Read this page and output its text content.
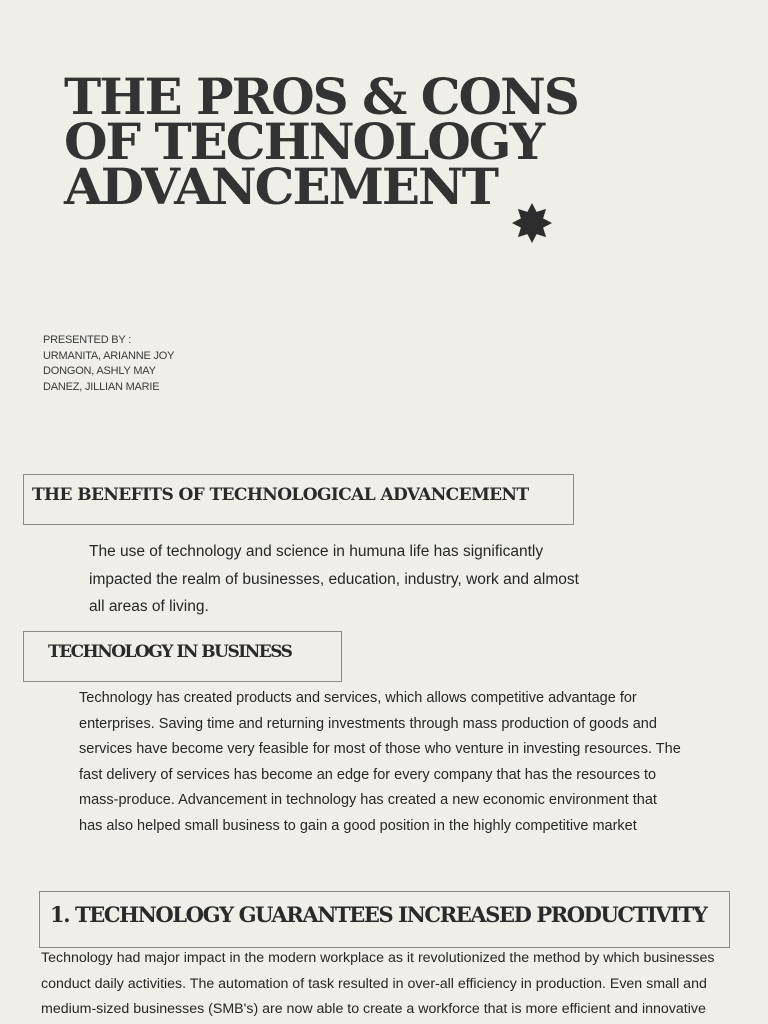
THE PROS & CONS
OF TECHNOLOGY
ADVANCEMENT
PRESENTED BY :
URMANITA, ARIANNE JOY
DONGON, ASHLY MAY
DANEZ, JILLIAN MARIE
THE BENEFITS OF TECHNOLOGICAL ADVANCEMENT

The use of technology and science in humuna life has significantly
impacted the realm of businesses, education, industry, work and almost
all areas of living.

TECHNOLOGY IN BUSINESS

Technology has created products and services, which allows competitive advantage for
enterprises. Saving time and returning investments through mass production of goods and
services have become very feasible for most of those who venture in investing resources. The
fast delivery of services has become an edge for every company that has the resources to
mass-produce. Advancement in technology has created a new economic environment that
has also helped small business to gain a good position in the highly competitive market

1. TECHNOLOGY GUARANTEES INCREASED PRODUCTIVITY

Technology had major impact in the modern workplace as it revolutionized the method by which businesses
conduct daily activities. The automation of task resulted in over-all efficiency in production. Even small and
medium-sized businesses (SMB's) are now able to create a workforce that is more efficient and innovative
